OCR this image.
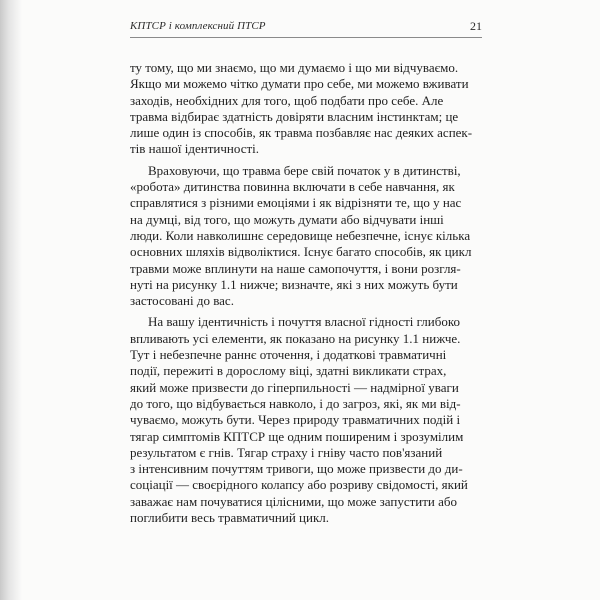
КПТСР і комплексний ПТСР	21

ту тому, що ми знаємо, що ми думаємо і що ми відчуваємо.
Якщо ми можемо чітко думати про себе, ми можемо вживати
заходів, необхідних для того, щоб подбати про себе. Але
травма відбирає здатність довіряти власним інстинктам; це
лише один із способів, як травма позбавляє нас деяких аспек-
тів нашої ідентичності.

Враховуючи, що травма бере свій початок у в дитинстві,
«робота» дитинства повинна включати в себе навчання, як
справлятися з різними емоціями і як відрізняти те, що у нас
на думці, від того, що можуть думати або відчувати інші
люди. Коли навколишнє середовище небезпечне, існує кілька
основних шляхів відволіктися. Існує багато способів, як цикл
травми може вплинути на наше самопочуття, і вони розгля-
нуті на рисунку 1.1 нижче; визначте, які з них можуть бути
застосовані до вас.

На вашу ідентичність і почуття власної гідності глибоко
впливають усі елементи, як показано на рисунку 1.1 нижче.
Тут і небезпечне раннє оточення, і додаткові травматичні
події, пережиті в дорослому віці, здатні викликати страх,
який може призвести до гіперпильності — надмірної уваги
до того, що відбувається навколо, і до загроз, які, як ми від-
чуваємо, можуть бути. Через природу травматичних подій і
тягар симптомів КПТСР ще одним поширеним і зрозумілим
результатом є гнів. Тягар страху і гніву часто пов'язаний
з інтенсивним почуттям тривоги, що може призвести до ди-
соціації — своєрідного колапсу або розриву свідомості, який
заважає нам почуватися цілісними, що може запустити або
поглибити весь травматичний цикл.
